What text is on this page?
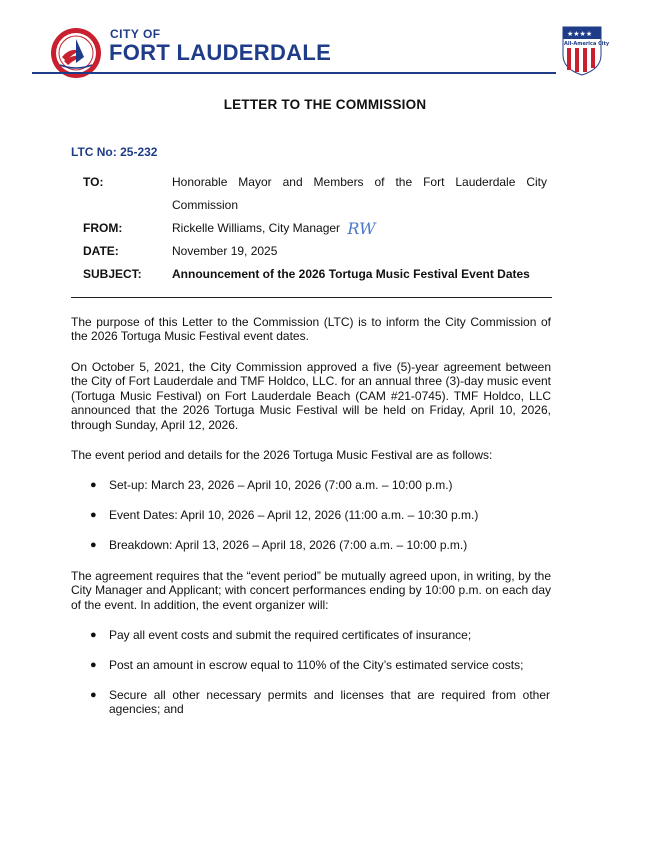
CITY OF
FORT LAUDERDALE
★★★★
All-America City
LETTER TO THE COMMISSION
LTC No: 25-232
TO:	Honorable Mayor and Members of the Fort Lauderdale City
Commission
FROM:	Rickelle Williams, City Manager RW
DATE:	November 19, 2025
SUBJECT:	Announcement of the 2026 Tortuga Music Festival Event Dates
The purpose of this Letter to the Commission (LTC) is to inform the City Commission of the 2026 Tortuga Music Festival event dates.
On October 5, 2021, the City Commission approved a five (5)-year agreement between the City of Fort Lauderdale and TMF Holdco, LLC. for an annual three (3)-day music event (Tortuga Music Festival) on Fort Lauderdale Beach (CAM #21-0745). TMF Holdco, LLC announced that the 2026 Tortuga Music Festival will be held on Friday, April 10, 2026, through Sunday, April 12, 2026.
The event period and details for the 2026 Tortuga Music Festival are as follows:
●	Set-up: March 23, 2026 – April 10, 2026 (7:00 a.m. – 10:00 p.m.)
●	Event Dates: April 10, 2026 – April 12, 2026 (11:00 a.m. – 10:30 p.m.)
●	Breakdown: April 13, 2026 – April 18, 2026 (7:00 a.m. – 10:00 p.m.)
The agreement requires that the “event period” be mutually agreed upon, in writing, by the City Manager and Applicant; with concert performances ending by 10:00 p.m. on each day of the event. In addition, the event organizer will:
●	Pay all event costs and submit the required certificates of insurance;
●	Post an amount in escrow equal to 110% of the City’s estimated service costs;
●	Secure all other necessary permits and licenses that are required from other agencies; and
